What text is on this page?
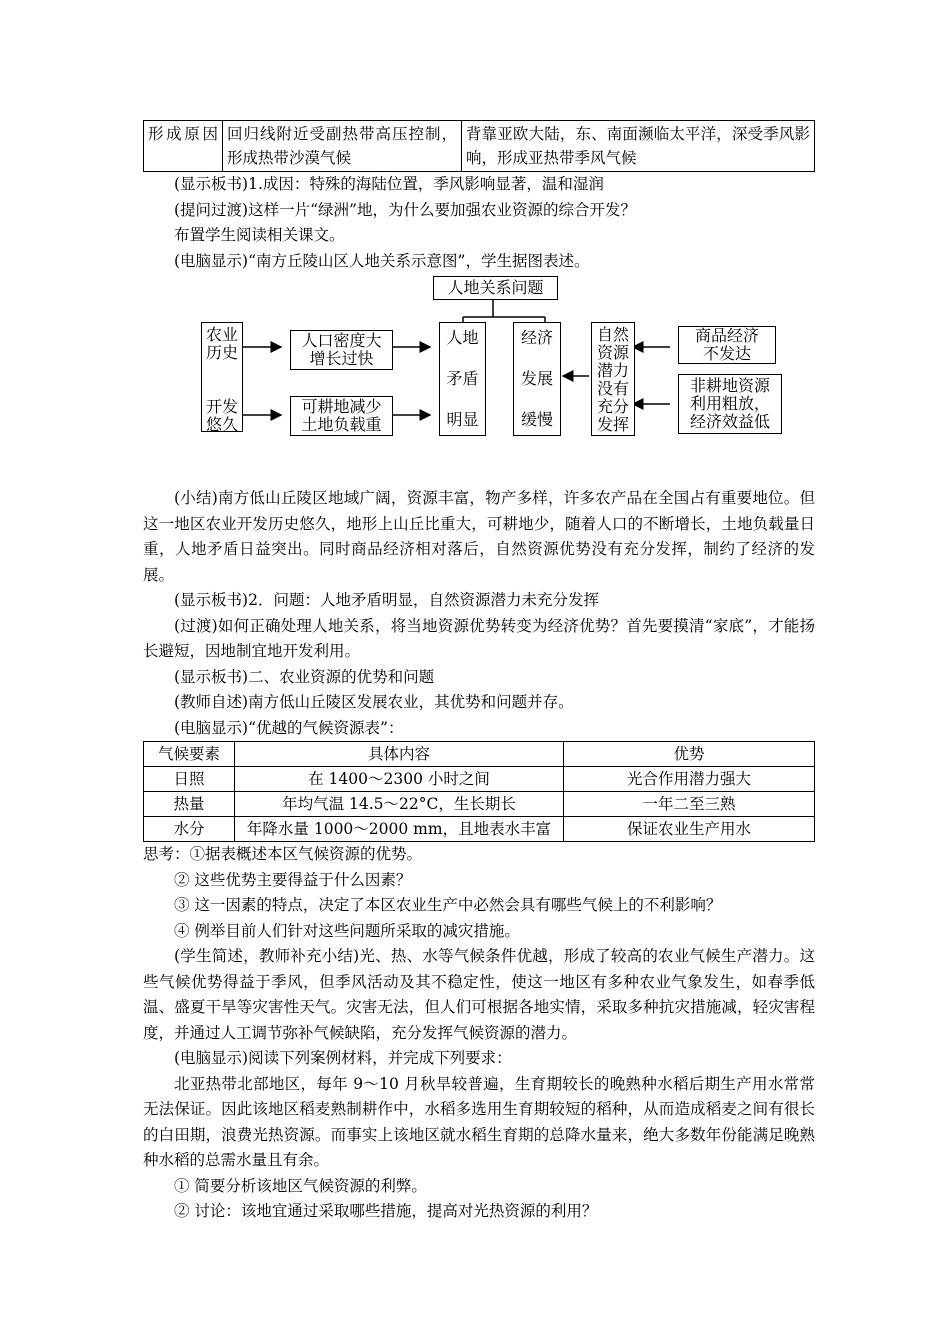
形成原因	回归线附近受副热带高压控制，形成热带沙漠气候	背靠亚欧大陆，东、南面濒临太平洋，深受季风影响，形成亚热带季风气候

(显示板书)1.成因：特殊的海陆位置，季风影响显著，温和湿润

(提问过渡)这样一片“绿洲”地，为什么要加强农业资源的综合开发？

布置学生阅读相关课文。

(电脑显示)“南方丘陵山区人地关系示意图”，学生据图表述。

人地关系问题
农业历史
开发悠久
人口密度大增长过快
可耕地减少土地负载重
人地
矛盾
明显
经济
发展
缓慢
自然资源潜力没有充分发挥
商品经济不发达
非耕地资源利用粗放，经济效益低

(小结)南方低山丘陵区地域广阔，资源丰富，物产多样，许多农产品在全国占有重要地位。但这一地区农业开发历史悠久，地形上山丘比重大，可耕地少，随着人口的不断增长，土地负载量日重，人地矛盾日益突出。同时商品经济相对落后，自然资源优势没有充分发挥，制约了经济的发展。

(显示板书)2．问题：人地矛盾明显，自然资源潜力未充分发挥

(过渡)如何正确处理人地关系，将当地资源优势转变为经济优势？首先要摸清“家底”，才能扬长避短，因地制宜地开发利用。

(显示板书)二、农业资源的优势和问题

(教师自述)南方低山丘陵区发展农业，其优势和问题并存。

(电脑显示)“优越的气候资源表”：

气候要素	具体内容	优势
日照	在 1400～2300 小时之间	光合作用潜力强大
热量	年均气温 14.5～22°C，生长期长	一年二至三熟
水分	年降水量 1000～2000 mm，且地表水丰富	保证农业生产用水

思考：①据表概述本区气候资源的优势。

② 这些优势主要得益于什么因素？

③ 这一因素的特点，决定了本区农业生产中必然会具有哪些气候上的不利影响？

④ 例举目前人们针对这些问题所采取的减灾措施。

(学生简述，教师补充小结)光、热、水等气候条件优越，形成了较高的农业气候生产潜力。这些气候优势得益于季风，但季风活动及其不稳定性，使这一地区有多种农业气象发生，如春季低温、盛夏干旱等灾害性天气。灾害无法，但人们可根据各地实情，采取多种抗灾措施减，轻灾害程度，并通过人工调节弥补气候缺陷，充分发挥气候资源的潜力。

(电脑显示)阅读下列案例材料，并完成下列要求：

北亚热带北部地区，每年 9～10 月秋旱较普遍，生育期较长的晚熟种水稻后期生产用水常常无法保证。因此该地区稻麦熟制耕作中，水稻多选用生育期较短的稻种，从而造成稻麦之间有很长的白田期，浪费光热资源。而事实上该地区就水稻生育期的总降水量来，绝大多数年份能满足晚熟种水稻的总需水量且有余。

① 简要分析该地区气候资源的利弊。

② 讨论：该地宜通过采取哪些措施，提高对光热资源的利用？
